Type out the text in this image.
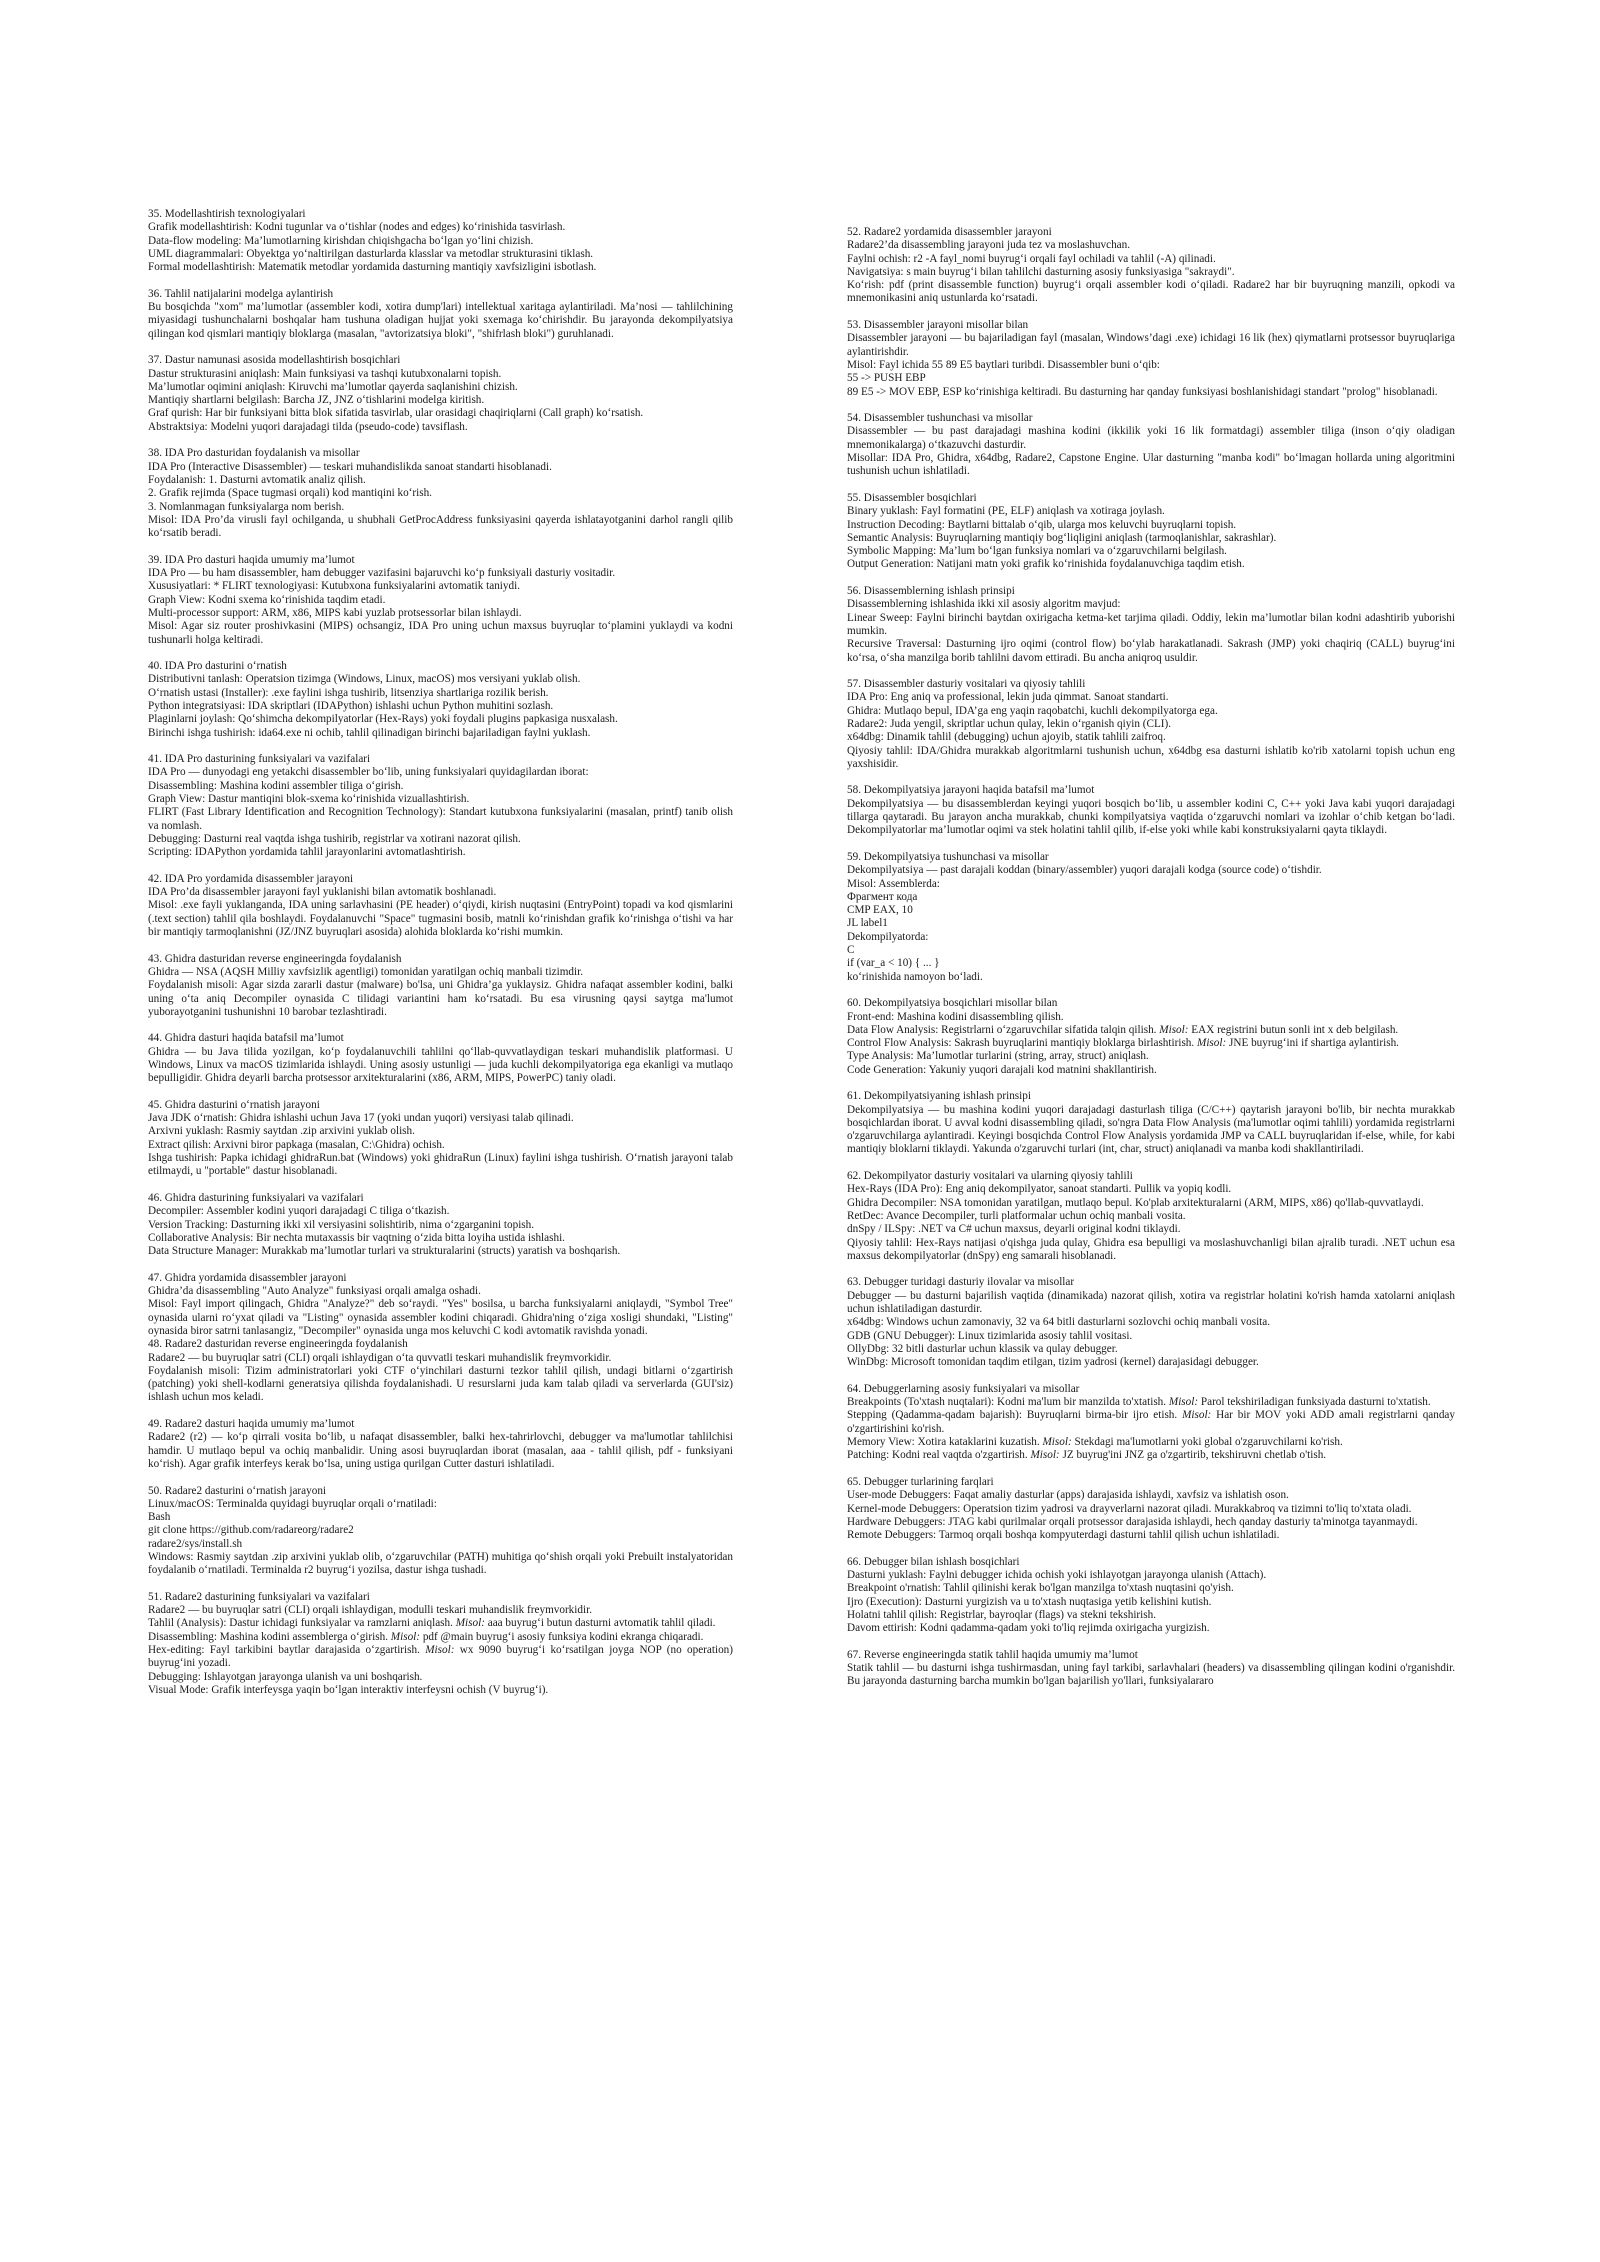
35. Modellashtirish texnologiyalari
Grafik modellashtirish: Kodni tugunlar va o‘tishlar (nodes and edges) ko‘rinishida tasvirlash.
Data-flow modeling: Ma’lumotlarning kirishdan chiqishgacha bo‘lgan yo‘lini chizish.
UML diagrammalari: Obyektga yo‘naltirilgan dasturlarda klasslar va metodlar strukturasini tiklash.
Formal modellashtirish: Matematik metodlar yordamida dasturning mantiqiy xavfsizligini isbotlash.
36. Tahlil natijalarini modelga aylantirish
Bu bosqichda "xom" ma’lumotlar (assembler kodi, xotira dump'lari) intellektual xaritaga aylantiriladi. Ma’nosi — tahlilchining miyasidagi tushunchalarni boshqalar ham tushuna oladigan hujjat yoki sxemaga ko‘chirishdir. Bu jarayonda dekompilyatsiya qilingan kod qismlari mantiqiy bloklarga (masalan, "avtorizatsiya bloki", "shifrlash bloki") guruhlanadi.
37. Dastur namunasi asosida modellashtirish bosqichlari
Dastur strukturasini aniqlash: Main funksiyasi va tashqi kutubxonalarni topish.
Ma’lumotlar oqimini aniqlash: Kiruvchi ma’lumotlar qayerda saqlanishini chizish.
Mantiqiy shartlarni belgilash: Barcha JZ, JNZ o‘tishlarini modelga kiritish.
Graf qurish: Har bir funksiyani bitta blok sifatida tasvirlab, ular orasidagi chaqiriqlarni (Call graph) ko‘rsatish.
Abstraktsiya: Modelni yuqori darajadagi tilda (pseudo-code) tavsiflash.
38. IDA Pro dasturidan foydalanish va misollar
IDA Pro (Interactive Disassembler) — teskari muhandislikda sanoat standarti hisoblanadi.
Foydalanish: 1. Dasturni avtomatik analiz qilish.
2. Grafik rejimda (Space tugmasi orqali) kod mantiqini ko‘rish.
3. Nomlanmagan funksiyalarga nom berish.
Misol: IDA Pro’da virusli fayl ochilganda, u shubhali GetProcAddress funksiyasini qayerda ishlatayotganini darhol rangli qilib ko‘rsatib beradi.
39. IDA Pro dasturi haqida umumiy ma’lumot
IDA Pro — bu ham disassembler, ham debugger vazifasini bajaruvchi ko‘p funksiyali dasturiy vositadir.
Xususiyatlari: * FLIRT texnologiyasi: Kutubxona funksiyalarini avtomatik taniydi.
Graph View: Kodni sxema ko‘rinishida taqdim etadi.
Multi-processor support: ARM, x86, MIPS kabi yuzlab protsessorlar bilan ishlaydi.
Misol: Agar siz router proshivkasini (MIPS) ochsangiz, IDA Pro uning uchun maxsus buyruqlar to‘plamini yuklaydi va kodni tushunarli holga keltiradi.
40. IDA Pro dasturini o‘rnatish
Distributivni tanlash: Operatsion tizimga (Windows, Linux, macOS) mos versiyani yuklab olish.
O‘rnatish ustasi (Installer): .exe faylini ishga tushirib, litsenziya shartlariga rozilik berish.
Python integratsiyasi: IDA skriptlari (IDAPython) ishlashi uchun Python muhitini sozlash.
Plaginlarni joylash: Qo‘shimcha dekompilyatorlar (Hex-Rays) yoki foydali plugins papkasiga nusxalash.
Birinchi ishga tushirish: ida64.exe ni ochib, tahlil qilinadigan birinchi bajariladigan faylni yuklash.
41. IDA Pro dasturining funksiyalari va vazifalari
IDA Pro — dunyodagi eng yetakchi disassembler bo‘lib, uning funksiyalari quyidagilardan iborat:
Disassembling: Mashina kodini assembler tiliga o‘girish.
Graph View: Dastur mantiqini blok-sxema ko‘rinishida vizuallashtirish.
FLIRT (Fast Library Identification and Recognition Technology): Standart kutubxona funksiyalarini (masalan, printf) tanib olish va nomlash.
Debugging: Dasturni real vaqtda ishga tushirib, registrlar va xotirani nazorat qilish.
Scripting: IDAPython yordamida tahlil jarayonlarini avtomatlashtirish.
42. IDA Pro yordamida disassembler jarayoni
IDA Pro’da disassembler jarayoni fayl yuklanishi bilan avtomatik boshlanadi.
Misol: .exe fayli yuklanganda, IDA uning sarlavhasini (PE header) o‘qiydi, kirish nuqtasini (EntryPoint) topadi va kod qismlarini (.text section) tahlil qila boshlaydi. Foydalanuvchi "Space" tugmasini bosib, matnli ko‘rinishdan grafik ko‘rinishga o‘tishi va har bir mantiqiy tarmoqlanishni (JZ/JNZ buyruqlari asosida) alohida bloklarda ko‘rishi mumkin.
43. Ghidra dasturidan reverse engineeringda foydalanish
Ghidra — NSA (AQSH Milliy xavfsizlik agentligi) tomonidan yaratilgan ochiq manbali tizimdir.
Foydalanish misoli: Agar sizda zararli dastur (malware) bo'lsa, uni Ghidra’ga yuklaysiz. Ghidra nafaqat assembler kodini, balki uning o‘ta aniq Decompiler oynasida C tilidagi variantini ham ko‘rsatadi. Bu esa virusning qaysi saytga ma'lumot yuborayotganini tushunishni 10 barobar tezlashtiradi.
44. Ghidra dasturi haqida batafsil ma’lumot
Ghidra — bu Java tilida yozilgan, ko‘p foydalanuvchili tahlilni qo‘llab-quvvatlaydigan teskari muhandislik platformasi. U Windows, Linux va macOS tizimlarida ishlaydi. Uning asosiy ustunligi — juda kuchli dekompilyatoriga ega ekanligi va mutlaqo bepulligidir. Ghidra deyarli barcha protsessor arxitekturalarini (x86, ARM, MIPS, PowerPC) taniy oladi.
45. Ghidra dasturini o‘rnatish jarayoni
Java JDK o‘rnatish: Ghidra ishlashi uchun Java 17 (yoki undan yuqori) versiyasi talab qilinadi.
Arxivni yuklash: Rasmiy saytdan .zip arxivini yuklab olish.
Extract qilish: Arxivni biror papkaga (masalan, C:\Ghidra) ochish.
Ishga tushirish: Papka ichidagi ghidraRun.bat (Windows) yoki ghidraRun (Linux) faylini ishga tushirish. O‘rnatish jarayoni talab etilmaydi, u "portable" dastur hisoblanadi.
46. Ghidra dasturining funksiyalari va vazifalari
Decompiler: Assembler kodini yuqori darajadagi C tiliga o‘tkazish.
Version Tracking: Dasturning ikki xil versiyasini solishtirib, nima o‘zgarganini topish.
Collaborative Analysis: Bir nechta mutaxassis bir vaqtning o‘zida bitta loyiha ustida ishlashi.
Data Structure Manager: Murakkab ma’lumotlar turlari va strukturalarini (structs) yaratish va boshqarish.
47. Ghidra yordamida disassembler jarayoni
Ghidra’da disassembling "Auto Analyze" funksiyasi orqali amalga oshadi.
Misol: Fayl import qilingach, Ghidra "Analyze?" deb so‘raydi. "Yes" bosilsa, u barcha funksiyalarni aniqlaydi, "Symbol Tree" oynasida ularni ro‘yxat qiladi va "Listing" oynasida assembler kodini chiqaradi. Ghidra'ning o‘ziga xosligi shundaki, "Listing" oynasida biror satrni tanlasangiz, "Decompiler" oynasida unga mos keluvchi C kodi avtomatik ravishda yonadi.
48. Radare2 dasturidan reverse engineeringda foydalanish
Radare2 — bu buyruqlar satri (CLI) orqali ishlaydigan o‘ta quvvatli teskari muhandislik freymvorkidir.
Foydalanish misoli: Tizim administratorlari yoki CTF o‘yinchilari dasturni tezkor tahlil qilish, undagi bitlarni o‘zgartirish (patching) yoki shell-kodlarni generatsiya qilishda foydalanishadi. U resurslarni juda kam talab qiladi va serverlarda (GUI'siz) ishlash uchun mos keladi.
49. Radare2 dasturi haqida umumiy ma’lumot
Radare2 (r2) — ko‘p qirrali vosita bo‘lib, u nafaqat disassembler, balki hex-tahrirlovchi, debugger va ma'lumotlar tahlilchisi hamdir. U mutlaqo bepul va ochiq manbalidir. Uning asosi buyruqlardan iborat (masalan, aaa - tahlil qilish, pdf - funksiyani ko‘rish). Agar grafik interfeys kerak bo‘lsa, uning ustiga qurilgan Cutter dasturi ishlatiladi.
50. Radare2 dasturini o‘rnatish jarayoni
Linux/macOS: Terminalda quyidagi buyruqlar orqali o‘rnatiladi:
Bash
git clone https://github.com/radareorg/radare2
radare2/sys/install.sh
Windows: Rasmiy saytdan .zip arxivini yuklab olib, o‘zgaruvchilar (PATH) muhitiga qo‘shish orqali yoki Prebuilt instalyatoridan foydalanib o‘rnatiladi. Terminalda r2 buyrug‘i yozilsa, dastur ishga tushadi.
51. Radare2 dasturining funksiyalari va vazifalari
Radare2 — bu buyruqlar satri (CLI) orqali ishlaydigan, modulli teskari muhandislik freymvorkidir.
Tahlil (Analysis): Dastur ichidagi funksiyalar va ramzlarni aniqlash. Misol: aaa buyrug‘i butun dasturni avtomatik tahlil qiladi.
Disassembling: Mashina kodini assemblerga o‘girish. Misol: pdf @main buyrug‘i asosiy funksiya kodini ekranga chiqaradi.
Hex-editing: Fayl tarkibini baytlar darajasida o‘zgartirish. Misol: wx 9090 buyrug‘i ko‘rsatilgan joyga NOP (no operation) buyrug‘ini yozadi.
Debugging: Ishlayotgan jarayonga ulanish va uni boshqarish.
Visual Mode: Grafik interfeysga yaqin bo‘lgan interaktiv interfeysni ochish (V buyrug‘i).
52. Radare2 yordamida disassembler jarayoni
Radare2’da disassembling jarayoni juda tez va moslashuvchan.
Faylni ochish: r2 -A fayl_nomi buyrug‘i orqali fayl ochiladi va tahlil (-A) qilinadi.
Navigatsiya: s main buyrug‘i bilan tahlilchi dasturning asosiy funksiyasiga "sakraydi".
Ko‘rish: pdf (print disassemble function) buyrug‘i orqali assembler kodi o‘qiladi. Radare2 har bir buyruqning manzili, opkodi va mnemonikasini aniq ustunlarda ko‘rsatadi.
53. Disassembler jarayoni misollar bilan
Disassembler jarayoni — bu bajariladigan fayl (masalan, Windows’dagi .exe) ichidagi 16 lik (hex) qiymatlarni protsessor buyruqlariga aylantirishdir.
Misol: Fayl ichida 55 89 E5 baytlari turibdi. Disassembler buni o‘qib:
55 -> PUSH EBP
89 E5 -> MOV EBP, ESP ko‘rinishiga keltiradi. Bu dasturning har qanday funksiyasi boshlanishidagi standart "prolog" hisoblanadi.
54. Disassembler tushunchasi va misollar
Disassembler — bu past darajadagi mashina kodini (ikkilik yoki 16 lik formatdagi) assembler tiliga (inson o‘qiy oladigan mnemonikalarga) o‘tkazuvchi dasturdir.
Misollar: IDA Pro, Ghidra, x64dbg, Radare2, Capstone Engine. Ular dasturning "manba kodi" bo‘lmagan hollarda uning algoritmini tushunish uchun ishlatiladi.
55. Disassembler bosqichlari
Binary yuklash: Fayl formatini (PE, ELF) aniqlash va xotiraga joylash.
Instruction Decoding: Baytlarni bittalab o‘qib, ularga mos keluvchi buyruqlarni topish.
Semantic Analysis: Buyruqlarning mantiqiy bog‘liqligini aniqlash (tarmoqlanishlar, sakrashlar).
Symbolic Mapping: Ma’lum bo‘lgan funksiya nomlari va o‘zgaruvchilarni belgilash.
Output Generation: Natijani matn yoki grafik ko‘rinishida foydalanuvchiga taqdim etish.
56. Disassemblerning ishlash prinsipi
Disassemblerning ishlashida ikki xil asosiy algoritm mavjud:
Linear Sweep: Faylni birinchi baytdan oxirigacha ketma-ket tarjima qiladi. Oddiy, lekin ma’lumotlar bilan kodni adashtirib yuborishi mumkin.
Recursive Traversal: Dasturning ijro oqimi (control flow) bo‘ylab harakatlanadi. Sakrash (JMP) yoki chaqiriq (CALL) buyrug‘ini ko‘rsa, o‘sha manzilga borib tahlilni davom ettiradi. Bu ancha aniqroq usuldir.
57. Disassembler dasturiy vositalari va qiyosiy tahlili
IDA Pro: Eng aniq va professional, lekin juda qimmat. Sanoat standarti.
Ghidra: Mutlaqo bepul, IDA’ga eng yaqin raqobatchi, kuchli dekompilyatorga ega.
Radare2: Juda yengil, skriptlar uchun qulay, lekin o‘rganish qiyin (CLI).
x64dbg: Dinamik tahlil (debugging) uchun ajoyib, statik tahlili zaifroq.
Qiyosiy tahlil: IDA/Ghidra murakkab algoritmlarni tushunish uchun, x64dbg esa dasturni ishlatib ko'rib xatolarni topish uchun eng yaxshisidir.
58. Dekompilyatsiya jarayoni haqida batafsil ma’lumot
Dekompilyatsiya — bu disassemblerdan keyingi yuqori bosqich bo‘lib, u assembler kodini C, C++ yoki Java kabi yuqori darajadagi tillarga qaytaradi. Bu jarayon ancha murakkab, chunki kompilyatsiya vaqtida o‘zgaruvchi nomlari va izohlar o‘chib ketgan bo‘ladi. Dekompilyatorlar ma’lumotlar oqimi va stek holatini tahlil qilib, if-else yoki while kabi konstruksiyalarni qayta tiklaydi.
59. Dekompilyatsiya tushunchasi va misollar
Dekompilyatsiya — past darajali koddan (binary/assembler) yuqori darajali kodga (source code) o‘tishdir.
Misol: Assemblerda:
Фрагмент кода
CMP EAX, 10
JL label1
Dekompilyatorda:
C
if (var_a < 10) { ... }
ko‘rinishida namoyon bo‘ladi.
60. Dekompilyatsiya bosqichlari misollar bilan
Front-end: Mashina kodini disassembling qilish.
Data Flow Analysis: Registrlarni o‘zgaruvchilar sifatida talqin qilish. Misol: EAX registrini butun sonli int x deb belgilash.
Control Flow Analysis: Sakrash buyruqlarini mantiqiy bloklarga birlashtirish. Misol: JNE buyrug‘ini if shartiga aylantirish.
Type Analysis: Ma’lumotlar turlarini (string, array, struct) aniqlash.
Code Generation: Yakuniy yuqori darajali kod matnini shakllantirish.
61. Dekompilyatsiyaning ishlash prinsipi
Dekompilyatsiya — bu mashina kodini yuqori darajadagi dasturlash tiliga (C/C++) qaytarish jarayoni bo'lib, bir nechta murakkab bosqichlardan iborat. U avval kodni disassembling qiladi, so'ngra Data Flow Analysis (ma'lumotlar oqimi tahlili) yordamida registrlarni o'zgaruvchilarga aylantiradi. Keyingi bosqichda Control Flow Analysis yordamida JMP va CALL buyruqlaridan if-else, while, for kabi mantiqiy bloklarni tiklaydi. Yakunda o'zgaruvchi turlari (int, char, struct) aniqlanadi va manba kodi shakllantiriladi.
62. Dekompilyator dasturiy vositalari va ularning qiyosiy tahlili
Hex-Rays (IDA Pro): Eng aniq dekompilyator, sanoat standarti. Pullik va yopiq kodli.
Ghidra Decompiler: NSA tomonidan yaratilgan, mutlaqo bepul. Ko'plab arxitekturalarni (ARM, MIPS, x86) qo'llab-quvvatlaydi.
RetDec: Avance Decompiler, turli platformalar uchun ochiq manbali vosita.
dnSpy / ILSpy: .NET va C# uchun maxsus, deyarli original kodni tiklaydi.
Qiyosiy tahlil: Hex-Rays natijasi o'qishga juda qulay, Ghidra esa bepulligi va moslashuvchanligi bilan ajralib turadi. .NET uchun esa maxsus dekompilyatorlar (dnSpy) eng samarali hisoblanadi.
63. Debugger turidagi dasturiy ilovalar va misollar
Debugger — bu dasturni bajarilish vaqtida (dinamikada) nazorat qilish, xotira va registrlar holatini ko'rish hamda xatolarni aniqlash uchun ishlatiladigan dasturdir.
x64dbg: Windows uchun zamonaviy, 32 va 64 bitli dasturlarni sozlovchi ochiq manbali vosita.
GDB (GNU Debugger): Linux tizimlarida asosiy tahlil vositasi.
OllyDbg: 32 bitli dasturlar uchun klassik va qulay debugger.
WinDbg: Microsoft tomonidan taqdim etilgan, tizim yadrosi (kernel) darajasidagi debugger.
64. Debuggerlarning asosiy funksiyalari va misollar
Breakpoints (To'xtash nuqtalari): Kodni ma'lum bir manzilda to'xtatish. Misol: Parol tekshiriladigan funksiyada dasturni to'xtatish.
Stepping (Qadamma-qadam bajarish): Buyruqlarni birma-bir ijro etish. Misol: Har bir MOV yoki ADD amali registrlarni qanday o'zgartirishini ko'rish.
Memory View: Xotira kataklarini kuzatish. Misol: Stekdagi ma'lumotlarni yoki global o'zgaruvchilarni ko'rish.
Patching: Kodni real vaqtda o'zgartirish. Misol: JZ buyrug'ini JNZ ga o'zgartirib, tekshiruvni chetlab o'tish.
65. Debugger turlarining farqlari
User-mode Debuggers: Faqat amaliy dasturlar (apps) darajasida ishlaydi, xavfsiz va ishlatish oson.
Kernel-mode Debuggers: Operatsion tizim yadrosi va drayverlarni nazorat qiladi. Murakkabroq va tizimni to'liq to'xtata oladi.
Hardware Debuggers: JTAG kabi qurilmalar orqali protsessor darajasida ishlaydi, hech qanday dasturiy ta'minotga tayanmaydi.
Remote Debuggers: Tarmoq orqali boshqa kompyuterdagi dasturni tahlil qilish uchun ishlatiladi.
66. Debugger bilan ishlash bosqichlari
Dasturni yuklash: Faylni debugger ichida ochish yoki ishlayotgan jarayonga ulanish (Attach).
Breakpoint o'rnatish: Tahlil qilinishi kerak bo'lgan manzilga to'xtash nuqtasini qo'yish.
Ijro (Execution): Dasturni yurgizish va u to'xtash nuqtasiga yetib kelishini kutish.
Holatni tahlil qilish: Registrlar, bayroqlar (flags) va stekni tekshirish.
Davom ettirish: Kodni qadamma-qadam yoki to'liq rejimda oxirigacha yurgizish.
67. Reverse engineeringda statik tahlil haqida umumiy ma’lumot
Statik tahlil — bu dasturni ishga tushirmasdan, uning fayl tarkibi, sarlavhalari (headers) va disassembling qilingan kodini o'rganishdir. Bu jarayonda dasturning barcha mumkin bo'lgan bajarilish yo'llari, funksiyalararo
